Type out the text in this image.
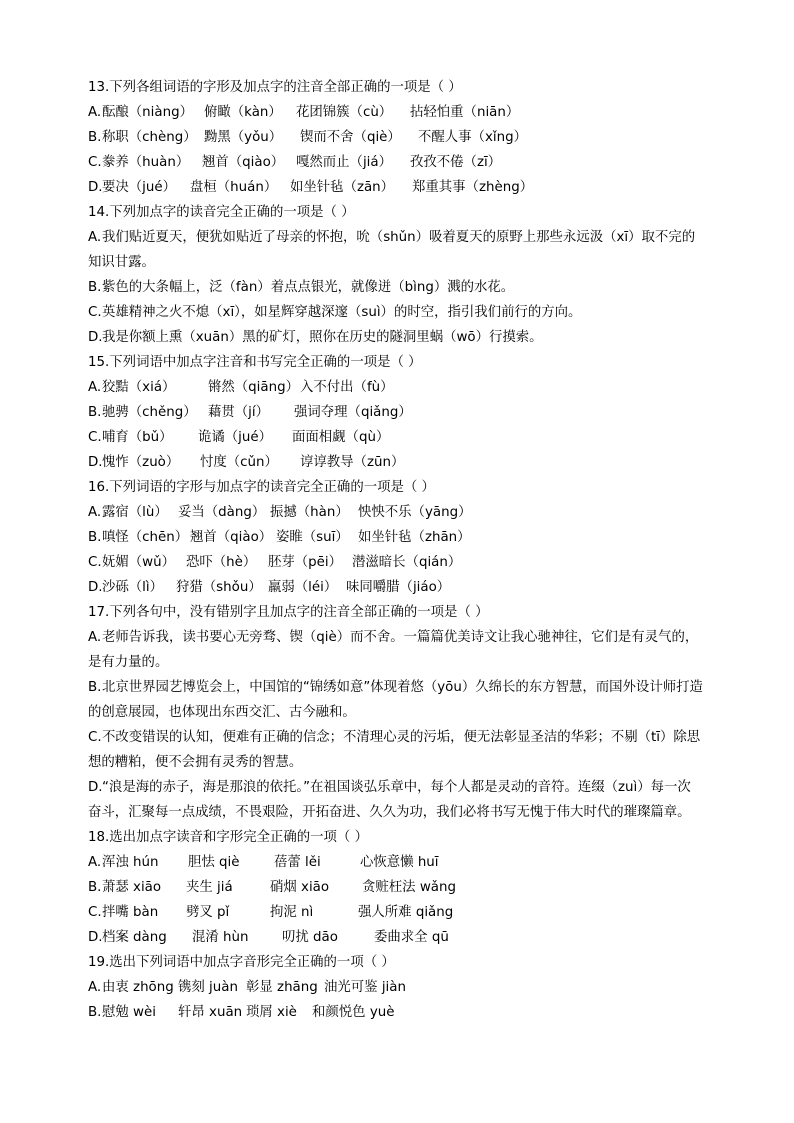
13.下列各组词语的字形及加点字的注音全部正确的一项是（ ）
A. 酝酿（niàng） 俯瞰（kàn） 花团锦簇（cù） 拈轻怕重（niān）
B. 称职（chèng） 黝黑（yǒu） 锲而不舍（qiè） 不醒人事（xǐng）
C. 豢养（huàn） 翘首（qiào） 嘎然而止（jiá） 孜孜不倦（zī）
D. 要决（jué） 盘桓（huán） 如坐针毡（zān） 郑重其事（zhèng）
14.下列加点字的读音完全正确的一项是（ ）
A. 我们贴近夏天，便犹如贴近了母亲的怀抱，吮（shǔn）吸着夏天的原野上那些永远汲（xī）取不完的
知识甘露。
B. 紫色的大条幅上，泛（fàn）着点点银光，就像迸（bìng）溅的水花。
C. 英雄精神之火不熄（xī），如星辉穿越深邃（suì）的时空，指引我们前行的方向。
D. 我是你额上熏（xuān）黑的矿灯，照你在历史的隧洞里蜗（wō）行摸索。
15.下列词语中加点字注音和书写完全正确的一项是（ ）
A. 狡黠（xiá） 锵然（qiāng） 入不付出（fù）
B. 驰骋（chěng） 藉贯（jí） 强词夺理（qiǎng）
C. 哺育（bǔ） 诡谲（jué） 面面相觑（qù）
D. 愧怍（zuò） 忖度（cǔn） 谆谆教导（zūn）
16.下列词语的字形与加点字的读音完全正确的一项是（ ）
A. 露宿（lù） 妥当（dàng） 振撼（hàn） 怏怏不乐（yāng）
B. 嗔怪（chēn） 翘首（qiào） 姿睢（suī） 如坐针毡（zhān）
C. 妩媚（wǔ） 恐吓（hè） 胚芽（pēi） 潜滋暗长（qián）
D. 沙砾（lì） 狩猎（shǒu） 羸弱（léi） 味同嚼腊（jiáo）
17.下列各句中，没有错别字且加点字的注音全部正确的一项是（ ）
A. 老师告诉我，读书要心无旁骛、锲（qiè）而不舍。一篇篇优美诗文让我心驰神往，它们是有灵气的，
是有力量的。
B. 北京世界园艺博览会上，中国馆的“锦绣如意”体现着悠（yōu）久绵长的东方智慧，而国外设计师打造
的创意展园，也体现出东西交汇、古今融和。
C. 不改变错误的认知，便难有正确的信念；不清理心灵的污垢，便无法彰显圣洁的华彩；不剔（tī）除思
想的糟粕，便不会拥有灵秀的智慧。
D. “浪是海的赤子，海是那浪的依托。”在祖国谈弘乐章中，每个人都是灵动的音符。连缀（zuì）每一次
奋斗，汇聚每一点成绩，不畏艰险，开拓奋进、久久为功，我们必将书写无愧于伟大时代的璀璨篇章。
18.选出加点字读音和字形完全正确的一项（ ）
A. 浑浊 hún 胆怯 qiè	蓓蕾 lěi	心恢意懒 huī
B. 萧瑟 xiāo 夹生 jiá	硝烟 xiāo 贪赃枉法 wǎng
C. 拌嘴 bàn 劈叉 pǐ	拘泥 nì	强人所难 qiǎng
D. 档案 dàng 混淆 hùn	叨扰 dāo	委曲求全 qū
19.选出下列词语中加点字音形完全正确的一项（ ）
A. 由衷 zhōng 镌刻 juàn 彰显 zhāng 油光可鉴 jiàn
B. 慰勉 wèi 轩昂 xuān 琐屑 xiè 和颜悦色 yuè
